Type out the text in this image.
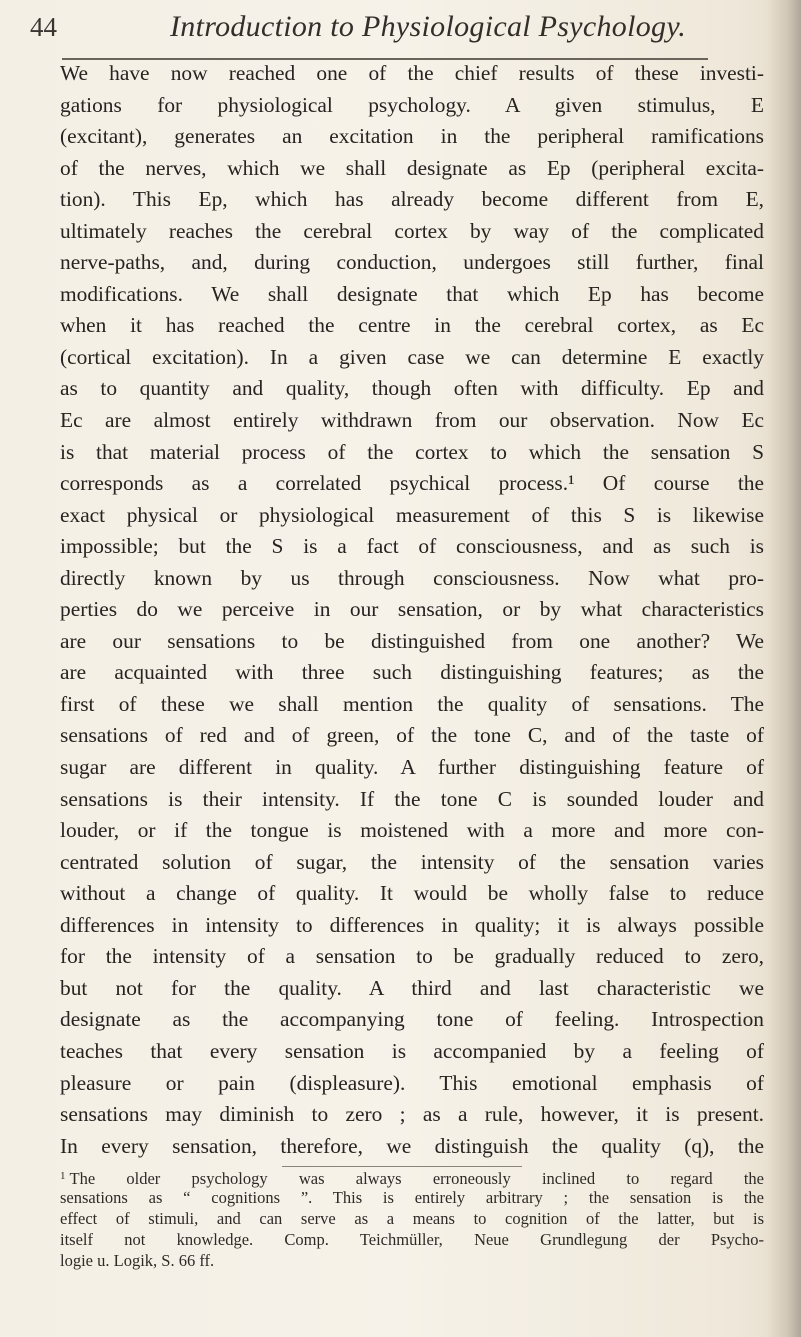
44	Introduction to Physiological Psychology.
We have now reached one of the chief results of these investi-
gations for physiological psychology. A given stimulus, E
(excitant), generates an excitation in the peripheral ramifications
of the nerves, which we shall designate as Ep (peripheral excita-
tion). This Ep, which has already become different from E,
ultimately reaches the cerebral cortex by way of the complicated
nerve-paths, and, during conduction, undergoes still further, final
modifications. We shall designate that which Ep has become
when it has reached the centre in the cerebral cortex, as Ec
(cortical excitation). In a given case we can determine E exactly
as to quantity and quality, though often with difficulty. Ep and
Ec are almost entirely withdrawn from our observation. Now Ec
is that material process of the cortex to which the sensation S
corresponds as a correlated psychical process.¹ Of course the
exact physical or physiological measurement of this S is likewise
impossible; but the S is a fact of consciousness, and as such is
directly known by us through consciousness. Now what pro-
perties do we perceive in our sensation, or by what characteristics
are our sensations to be distinguished from one another? We
are acquainted with three such distinguishing features; as the
first of these we shall mention the quality of sensations. The
sensations of red and of green, of the tone C, and of the taste of
sugar are different in quality. A further distinguishing feature of
sensations is their intensity. If the tone C is sounded louder and
louder, or if the tongue is moistened with a more and more con-
centrated solution of sugar, the intensity of the sensation varies
without a change of quality. It would be wholly false to reduce
differences in intensity to differences in quality; it is always possible
for the intensity of a sensation to be gradually reduced to zero,
but not for the quality. A third and last characteristic we
designate as the accompanying tone of feeling. Introspection
teaches that every sensation is accompanied by a feeling of
pleasure or pain (displeasure). This emotional emphasis of
sensations may diminish to zero ; as a rule, however, it is present.
In every sensation, therefore, we distinguish the quality (q), the
$^1$ The older psychology was always erroneously inclined to regard the
sensations as “ cognitions ”. This is entirely arbitrary ; the sensation is the
effect of stimuli, and can serve as a means to cognition of the latter, but is
itself not knowledge. Comp. Teichmüller, Neue Grundlegung der Psycho-
logie u. Logik, S. 66 ff.
